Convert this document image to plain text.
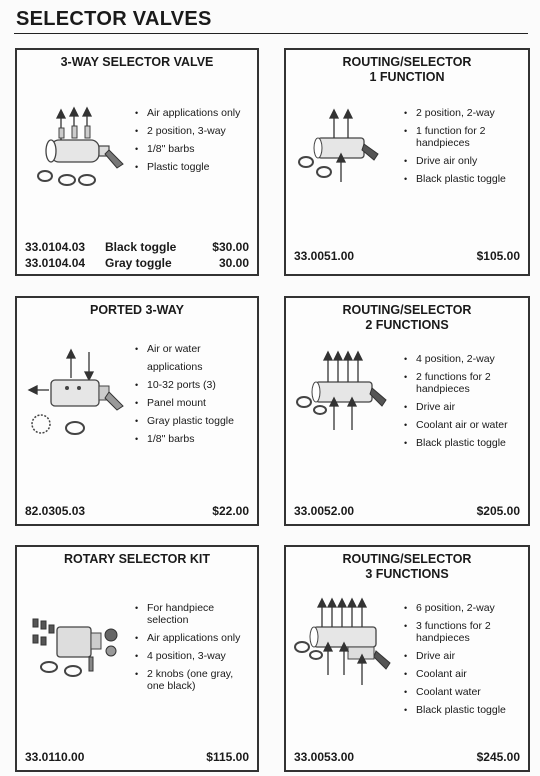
SELECTOR VALVES
3-WAY SELECTOR VALVE
• Air applications only
• 2 position, 3-way
• 1/8" barbs
• Plastic toggle
33.0104.03 Black toggle	$30.00
33.0104.04 Gray toggle	30.00
ROUTING/SELECTOR
1 FUNCTION
• 2 position, 2-way
• 1 function for 2 handpieces
• Drive air only
• Black plastic toggle
33.0051.00	$105.00
PORTED 3-WAY
• Air or water applications
• 10-32 ports (3)
• Panel mount
• Gray plastic toggle
• 1/8" barbs
82.0305.03	$22.00
ROUTING/SELECTOR
2 FUNCTIONS
• 4 position, 2-way
• 2 functions for 2 handpieces
• Drive air
• Coolant air or water
• Black plastic toggle
33.0052.00	$205.00
ROTARY SELECTOR KIT
• For handpiece selection
• Air applications only
• 4 position, 3-way
• 2 knobs (one gray, one black)
33.0110.00	$115.00
ROUTING/SELECTOR
3 FUNCTIONS
• 6 position, 2-way
• 3 functions for 2 handpieces
• Drive air
• Coolant air
• Coolant water
• Black plastic toggle
33.0053.00	$245.00
